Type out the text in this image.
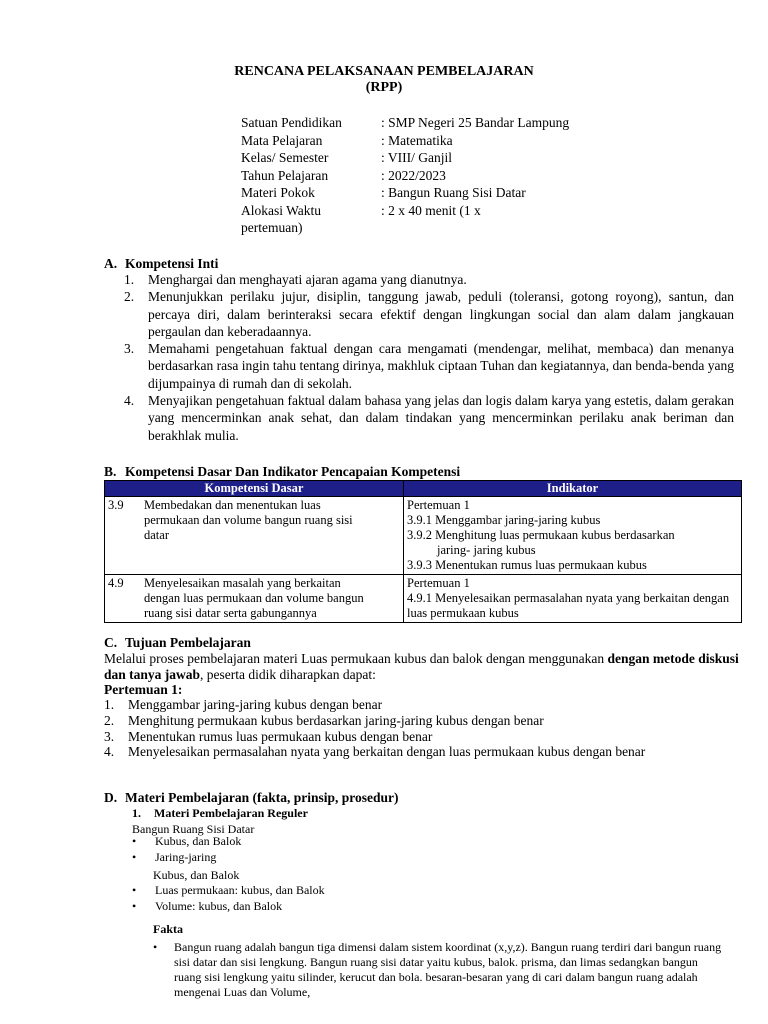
RENCANA PELAKSANAAN PEMBELAJARAN
(RPP)
Satuan Pendidikan	: SMP Negeri 25 Bandar Lampung
Mata Pelajaran	: Matematika
Kelas/ Semester	: VIII/ Ganjil
Tahun Pelajaran	: 2022/2023
Materi Pokok	: Bangun Ruang Sisi Datar
Alokasi Waktu	: 2 x 40 menit (1 x
pertemuan)
A. Kompetensi Inti
1.	Menghargai dan menghayati ajaran agama yang dianutnya.
2.	Menunjukkan perilaku jujur, disiplin, tanggung jawab, peduli (toleransi, gotong royong), santun, dan percaya diri, dalam berinteraksi secara efektif dengan lingkungan social dan alam dalam jangkauan pergaulan dan keberadaannya.
3.	Memahami pengetahuan faktual dengan cara mengamati (mendengar, melihat, membaca) dan menanya berdasarkan rasa ingin tahu tentang dirinya, makhluk ciptaan Tuhan dan kegiatannya, dan benda-benda yang dijumpainya di rumah dan di sekolah.
4.	Menyajikan pengetahuan faktual dalam bahasa yang jelas dan logis dalam karya yang estetis, dalam gerakan yang mencerminkan anak sehat, dan dalam tindakan yang mencerminkan perilaku anak beriman dan berakhlak mulia.
B. Kompetensi Dasar Dan Indikator Pencapaian Kompetensi
Kompetensi Dasar	Indikator

3.9 Membedakan dan menentukan luas permukaan dan volume bangun ruang sisi datar	Pertemuan 1
3.9.1 Menggambar jaring-jaring kubus
3.9.2 Menghitung luas permukaan kubus berdasarkan
jaring- jaring kubus
3.9.3 Menentukan rumus luas permukaan kubus

4.9 Menyelesaikan masalah yang berkaitan dengan luas permukaan dan volume bangun ruang sisi datar serta gabungannya	Pertemuan 1
4.9.1 Menyelesaikan permasalahan nyata yang berkaitan dengan luas permukaan kubus
C. Tujuan Pembelajaran
Melalui proses pembelajaran materi Luas permukaan kubus dan balok dengan menggunakan dengan metode diskusi dan tanya jawab, peserta didik diharapkan dapat:
Pertemuan 1:
1.	Menggambar jaring-jaring kubus dengan benar
2.	Menghitung permukaan kubus berdasarkan jaring-jaring kubus dengan benar
3.	Menentukan rumus luas permukaan kubus dengan benar
4.	Menyelesaikan permasalahan nyata yang berkaitan dengan luas permukaan kubus dengan benar
D. Materi Pembelajaran (fakta, prinsip, prosedur)
1. Materi Pembelajaran Reguler
Bangun Ruang Sisi Datar
•	Kubus, dan Balok
•	Jaring-jaring
Kubus, dan Balok
•	Luas permukaan: kubus, dan Balok
•	Volume: kubus, dan Balok
Fakta
•	Bangun ruang adalah bangun tiga dimensi dalam sistem koordinat (x,y,z). Bangun ruang terdiri dari bangun ruang sisi datar dan sisi lengkung. Bangun ruang sisi datar yaitu kubus, balok. prisma, dan limas sedangkan bangun ruang sisi lengkung yaitu silinder, kerucut dan bola. besaran-besaran yang di cari dalam bangun ruang adalah mengenai Luas dan Volume,
